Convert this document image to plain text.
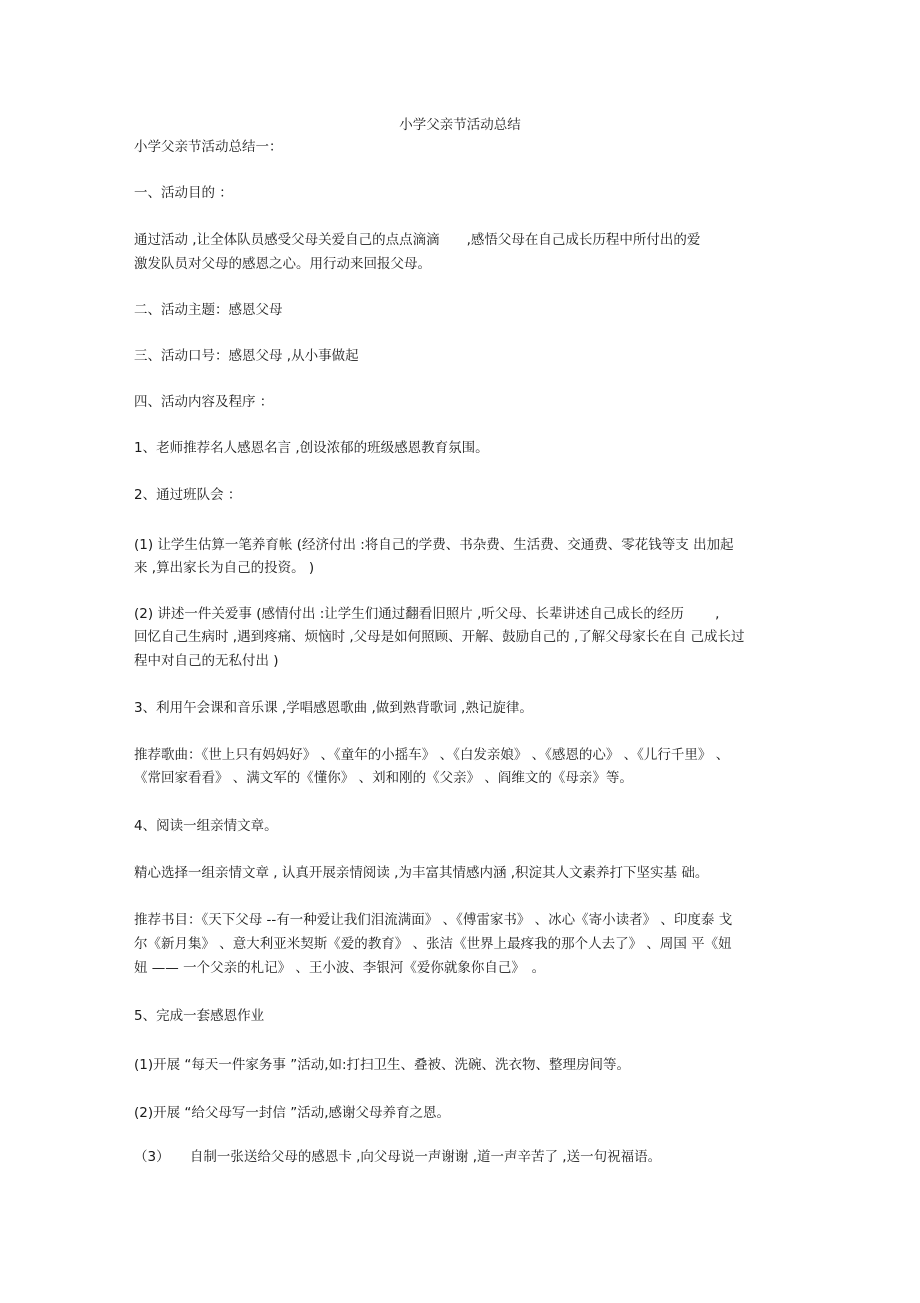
小学父亲节活动总结
小学父亲节活动总结一：
一、活动目的 ：
通过活动 ,让全体队员感受父母关爱自己的点点滴滴　　,感悟父母在自己成长历程中所付出的爱
激发队员对父母的感恩之心。用行动来回报父母。
二、活动主题：感恩父母
三、活动口号：感恩父母 ,从小事做起
四、活动内容及程序 ：
1、老师推荐名人感恩名言 ,创设浓郁的班级感恩教育氛围。
2、通过班队会 ：
(1) 让学生估算一笔养育帐 (经济付出 :将自己的学费、书杂费、生活费、交通费、零花钱等支 出加起
来 ,算出家长为自己的投资。 )
(2) 讲述一件关爱事 (感情付出 :让学生们通过翻看旧照片 ,听父母、长辈讲述自己成长的经历　　 ,
回忆自己生病时 ,遇到疼痛、烦恼时 ,父母是如何照顾、开解、鼓励自己的 ,了解父母家长在自 己成长过
程中对自己的无私付出 )
3、利用午会课和音乐课 ,学唱感恩歌曲 ,做到熟背歌词 ,熟记旋律。
推荐歌曲：《世上只有妈妈好》 、《童年的小摇车》 、《白发亲娘》 、《感恩的心》 、《儿行千里》 、
《常回家看看》 、满文军的《懂你》 、刘和刚的《父亲》 、阎维文的《母亲》等。
4、阅读一组亲情文章。
精心选择一组亲情文章 , 认真开展亲情阅读 ,为丰富其情感内涵 ,积淀其人文素养打下坚实基 础。
推荐书目：《天下父母 --有一种爱让我们泪流满面》 、《傅雷家书》 、冰心《寄小读者》 、印度泰 戈
尔《新月集》 、意大利亚米契斯《爱的教育》 、张洁《世界上最疼我的那个人去了》 、周国 平《妞
妞 —— 一个父亲的札记》 、王小波、李银河《爱你就象你自己》　。
5、完成一套感恩作业
(1)开展 “每天一件家务事 ”活动,如:打扫卫生、叠被、洗碗、洗衣物、整理房间等。
(2)开展 “给父母写一封信 ”活动,感谢父母养育之恩。
（3）　　自制一张送给父母的感恩卡 ,向父母说一声谢谢 ,道一声辛苦了 ,送一句祝福语。
